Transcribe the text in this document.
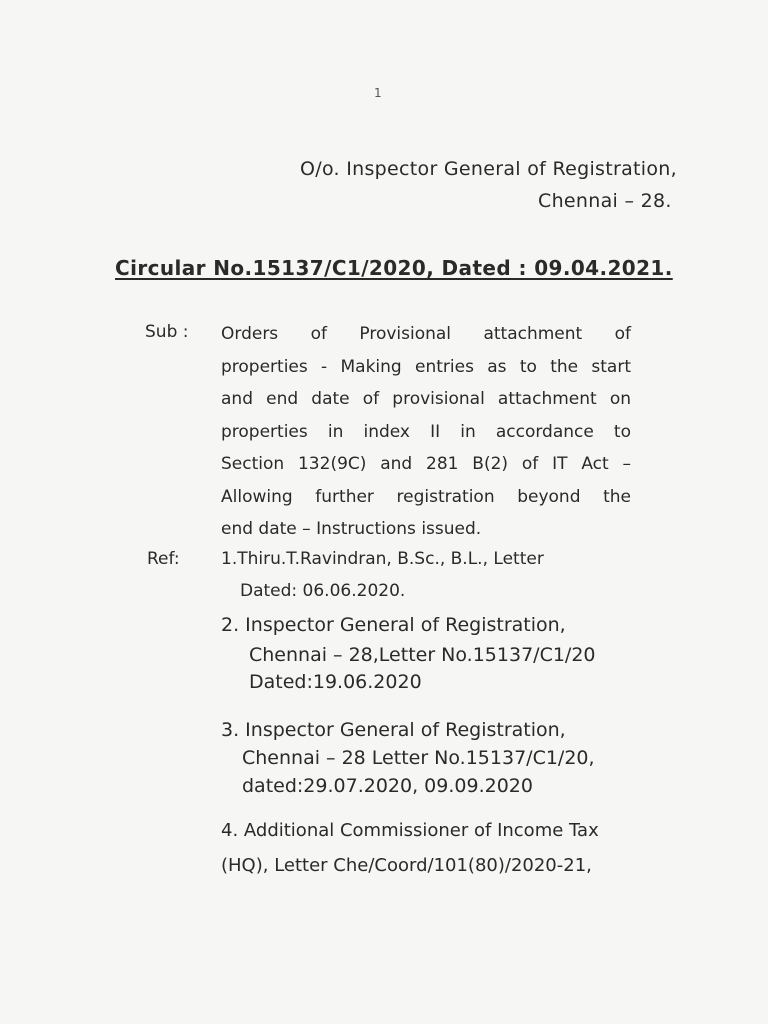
1
O/o. Inspector General of Registration,
Chennai – 28.
Circular No.15137/C1/2020, Dated : 09.04.2021.
Sub : Orders of Provisional attachment of
properties - Making entries as to the start
and end date of provisional attachment on
properties in index II in accordance to
Section 132(9C) and 281 B(2) of IT Act –
Allowing further registration beyond the
end date – Instructions issued.
Ref: 1.Thiru.T.Ravindran, B.Sc., B.L., Letter
Dated: 06.06.2020.
2. Inspector General of Registration,
Chennai – 28,Letter No.15137/C1/20
Dated:19.06.2020
3. Inspector General of Registration,
Chennai – 28 Letter No.15137/C1/20,
dated:29.07.2020, 09.09.2020
4. Additional Commissioner of Income Tax
(HQ), Letter Che/Coord/101(80)/2020-21,
